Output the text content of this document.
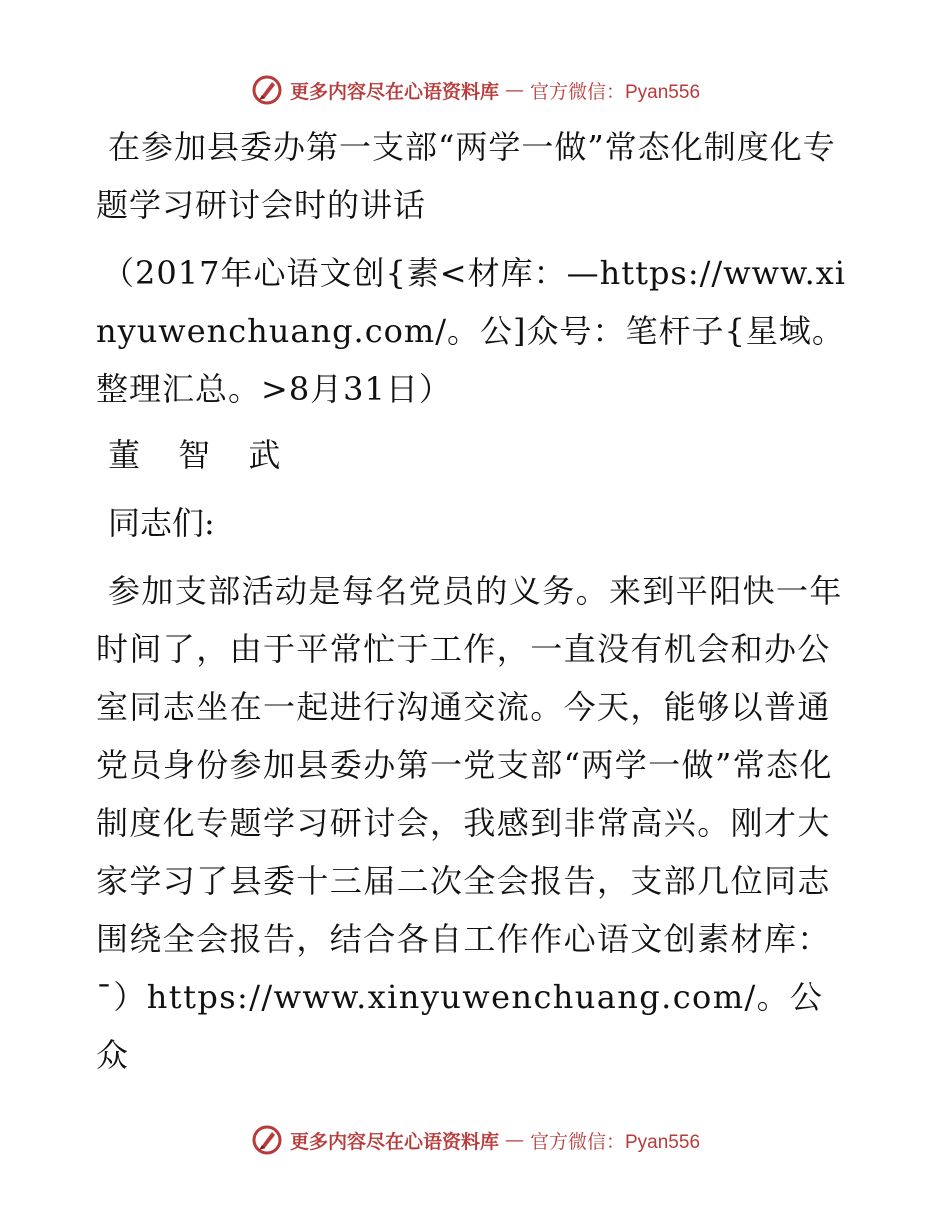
更多内容尽在心语资料库 — 官方微信：Pyan556

在参加县委办第一支部“两学一做”常态化制度化专题学习研讨会时的讲话

（2017年心语文创{素<材库：—https://www.xinyuwenchuang.com/。公]众号：笔杆子{星域。整理汇总。>8月31日）

董 智 武

同志们:

参加支部活动是每名党员的义务。来到平阳快一年时间了，由于平常忙于工作，一直没有机会和办公室同志坐在一起进行沟通交流。今天，能够以普通党员身份参加县委办第一党支部“两学一做”常态化制度化专题学习研讨会，我感到非常高兴。刚才大家学习了县委十三届二次全会报告，支部几位同志围绕全会报告，结合各自工作作心语文创素材库：¯）https://www.xinyuwenchuang.com/。公众

更多内容尽在心语资料库 — 官方微信：Pyan556
